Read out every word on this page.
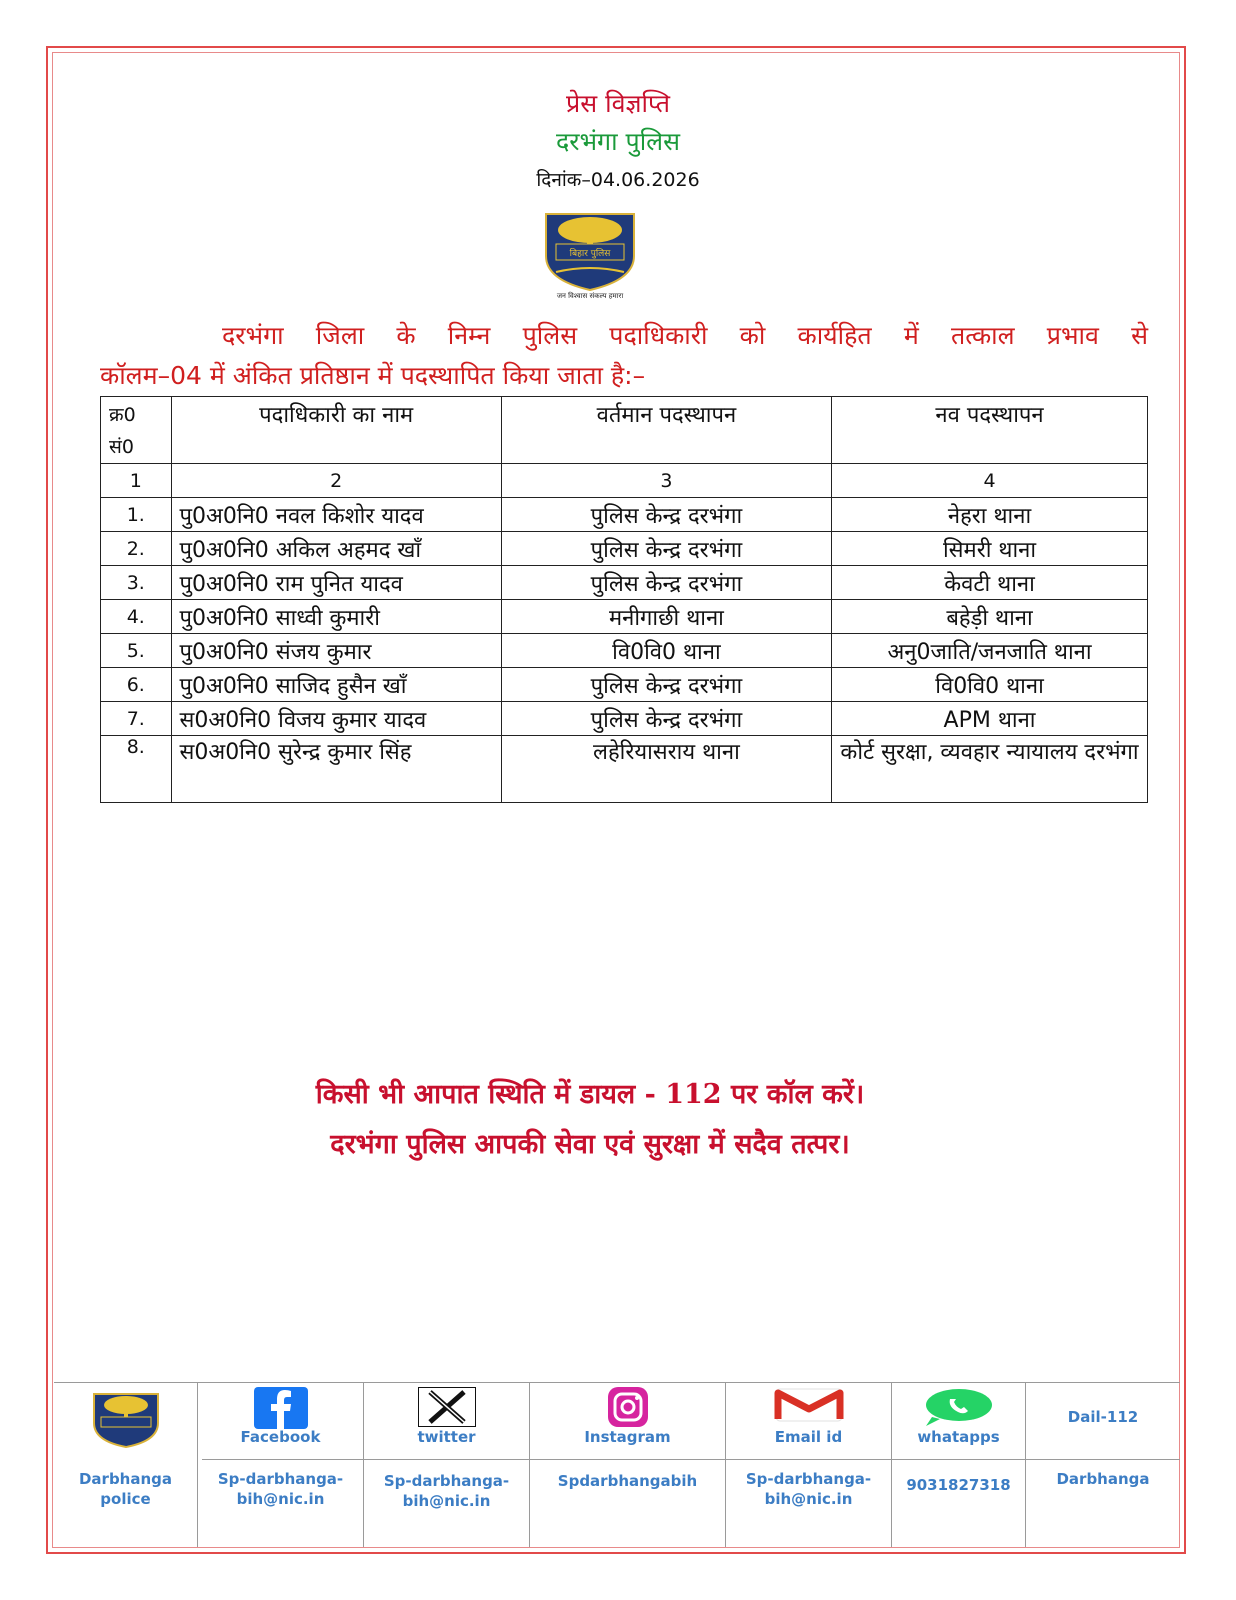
प्रेस विज्ञप्ति
दरभंगा पुलिस
दिनांक–04.06.2026
बिहार पुलिस
जन विश्वास संकल्प हमारा
दरभंगा जिला के निम्न पुलिस पदाधिकारी को कार्यहित में तत्काल प्रभाव से
कॉलम–04 में अंकित प्रतिष्ठान में पदस्थापित किया जाता है:–
क्र0 सं0	पदाधिकारी का नाम	वर्तमान पदस्थापन	नव पदस्थापन
1	2	3	4
1.	पु0अ0नि0 नवल किशोर यादव	पुलिस केन्द्र दरभंगा	नेहरा थाना
2.	पु0अ0नि0 अकिल अहमद खाँ	पुलिस केन्द्र दरभंगा	सिमरी थाना
3.	पु0अ0नि0 राम पुनित यादव	पुलिस केन्द्र दरभंगा	केवटी थाना
4.	पु0अ0नि0 साध्वी कुमारी	मनीगाछी थाना	बहेड़ी थाना
5.	पु0अ0नि0 संजय कुमार	वि0वि0 थाना	अनु0जाति/जनजाति थाना
6.	पु0अ0नि0 साजिद हुसैन खाँ	पुलिस केन्द्र दरभंगा	वि0वि0 थाना
7.	स0अ0नि0 विजय कुमार यादव	पुलिस केन्द्र दरभंगा	APM थाना
8.	स0अ0नि0 सुरेन्द्र कुमार सिंह	लहेरियासराय थाना	कोर्ट सुरक्षा, व्यवहार न्यायालय दरभंगा
किसी भी आपात स्थिति में डायल - 112 पर कॉल करें।
दरभंगा पुलिस आपकी सेवा एवं सुरक्षा में सदैव तत्पर।
Darbhanga police
Facebook
Sp-darbhanga-bih@nic.in
twitter
Sp-darbhanga-bih@nic.in
Instagram
Spdarbhangabih
Email id
Sp-darbhanga-bih@nic.in
whatapps
9031827318
Dail-112
Darbhanga
